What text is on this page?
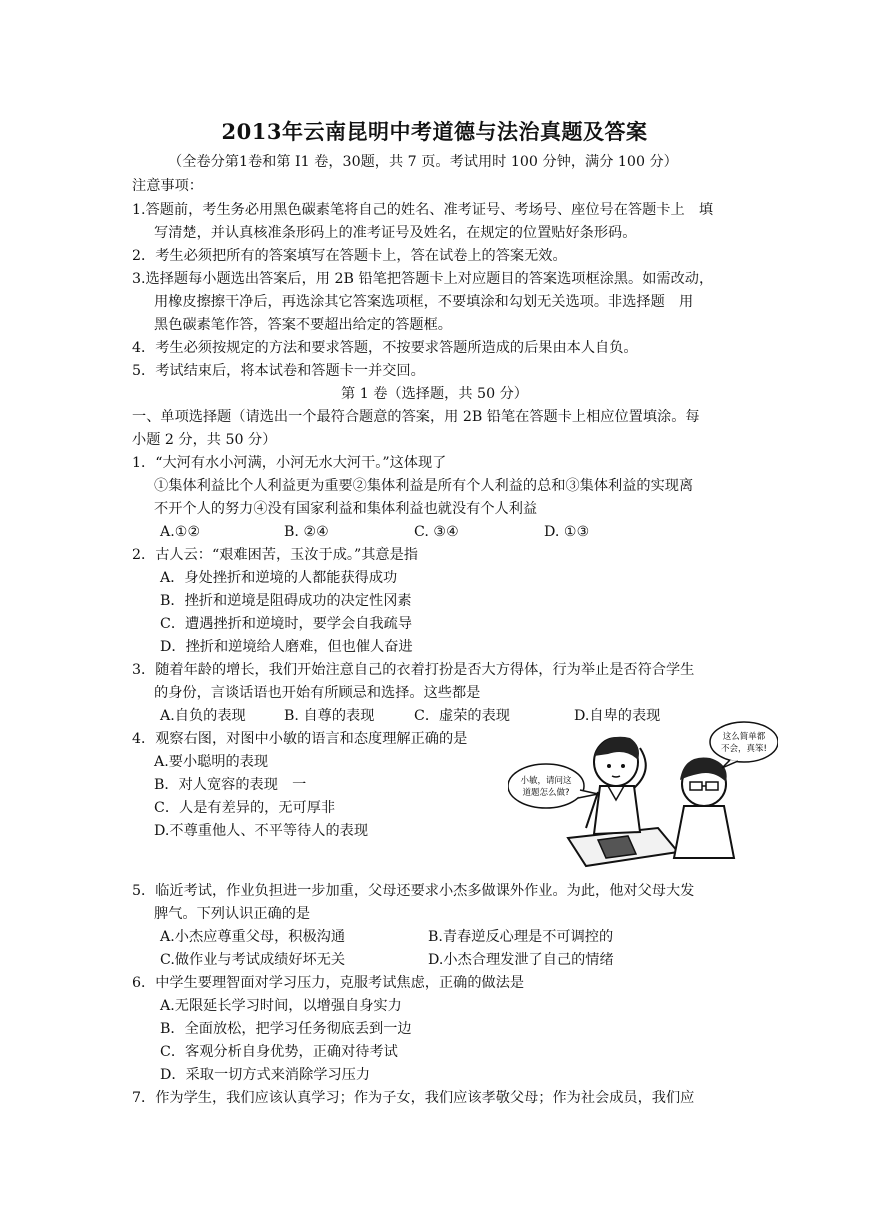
2013年云南昆明中考道德与法治真题及答案
（全卷分第1卷和第 I1 卷，30题，共 7 页。考试用时 100 分钟，满分 100 分）
注意事项：
1.答题前，考生务必用黑色碳素笔将自己的姓名、准考证号、考场号、座位号在答题卡上　填
写清楚，并认真核准条形码上的准考证号及姓名，在规定的位置贴好条形码。
2．考生必须把所有的答案填写在答题卡上，答在试卷上的答案无效。
3.选择题每小题选出答案后，用 2B 铅笔把答题卡上对应题目的答案选项框涂黑。如需改动，
用橡皮擦擦干净后，再选涂其它答案选项框，不要填涂和勾划无关选项。非选择题　用
黑色碳素笔作答，答案不要超出给定的答题框。
4．考生必须按规定的方法和要求答题，不按要求答题所造成的后果由本人自负。
5．考试结束后，将本试卷和答题卡一并交回。
第 1 卷（选择题，共 50 分）
一、单项选择题（请选出一个最符合题意的答案，用 2B 铅笔在答题卡上相应位置填涂。每
小题 2 分，共 50 分）
1．“大河有水小河满，小河无水大河干。”这体现了
①集体利益比个人利益更为重要②集体利益是所有个人利益的总和③集体利益的实现离
不开个人的努力④没有国家利益和集体利益也就没有个人利益
A.①②	B. ②④	C. ③④	D. ①③
2．古人云：“艰难困苦，玉汝于成。”其意是指
A．身处挫折和逆境的人都能获得成功
B．挫折和逆境是阻碍成功的决定性冈素
C．遭遇挫折和逆境时，要学会自我疏导
D．挫折和逆境给人磨难，但也催人奋进
3．随着年龄的增长，我们开始注意自己的衣着打扮是否大方得体，行为举止是否符合学生
的身份，言谈话语也开始有所顾忌和选择。这些都是
A.自负的表现	B. 自尊的表现	C．虚荣的表现	D.自卑的表现
4．观察右图，对图中小敏的语言和态度理解正确的是
A.要小聪明的表现
B．对人宽容的表现　一
C．人是有差异的，无可厚非
D.不尊重他人、不平等待人的表现
小敏，请问这
道题怎么做?
这么简单都
不会，真笨!
5．临近考试，作业负担进一步加重，父母还要求小杰多做课外作业。为此，他对父母大发
脾气。下列认识正确的是
A.小杰应尊重父母，积极沟通	B.青春逆反心理是不可调控的
C.做作业与考试成绩好坏无关	D.小杰合理发泄了自己的情绪
6．中学生要理智面对学习压力，克服考试焦虑，正确的做法是
A.无限延长学习时间，以增强自身实力
B．全面放松，把学习任务彻底丢到一边
C．客观分析自身优势，正确对待考试
D．采取一切方式来消除学习压力
7．作为学生，我们应该认真学习；作为子女，我们应该孝敬父母；作为社会成员，我们应
